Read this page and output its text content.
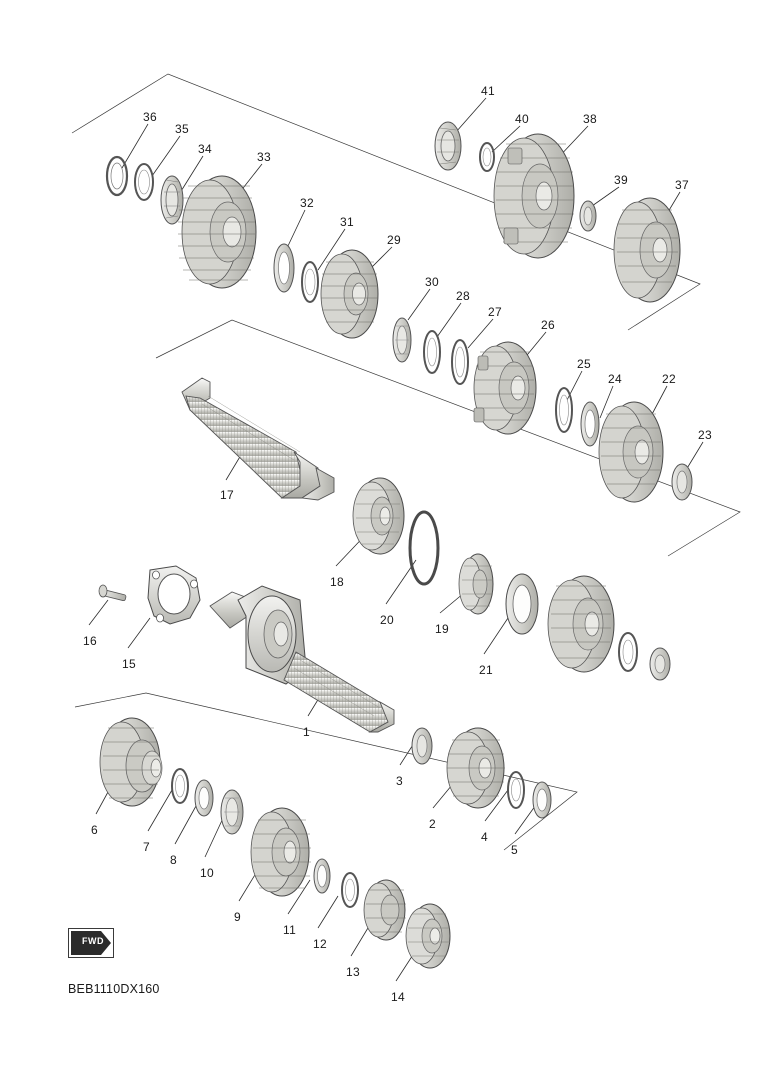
FWD
BEB1110DX160
36
35
34
33
32
31
29
30
28
27
26
25
24	22
23
41
40	38
39	37
17
18
20
19
21
16
15
1
3
2
4
5
6
7
8
10
9
11
12
13
14
